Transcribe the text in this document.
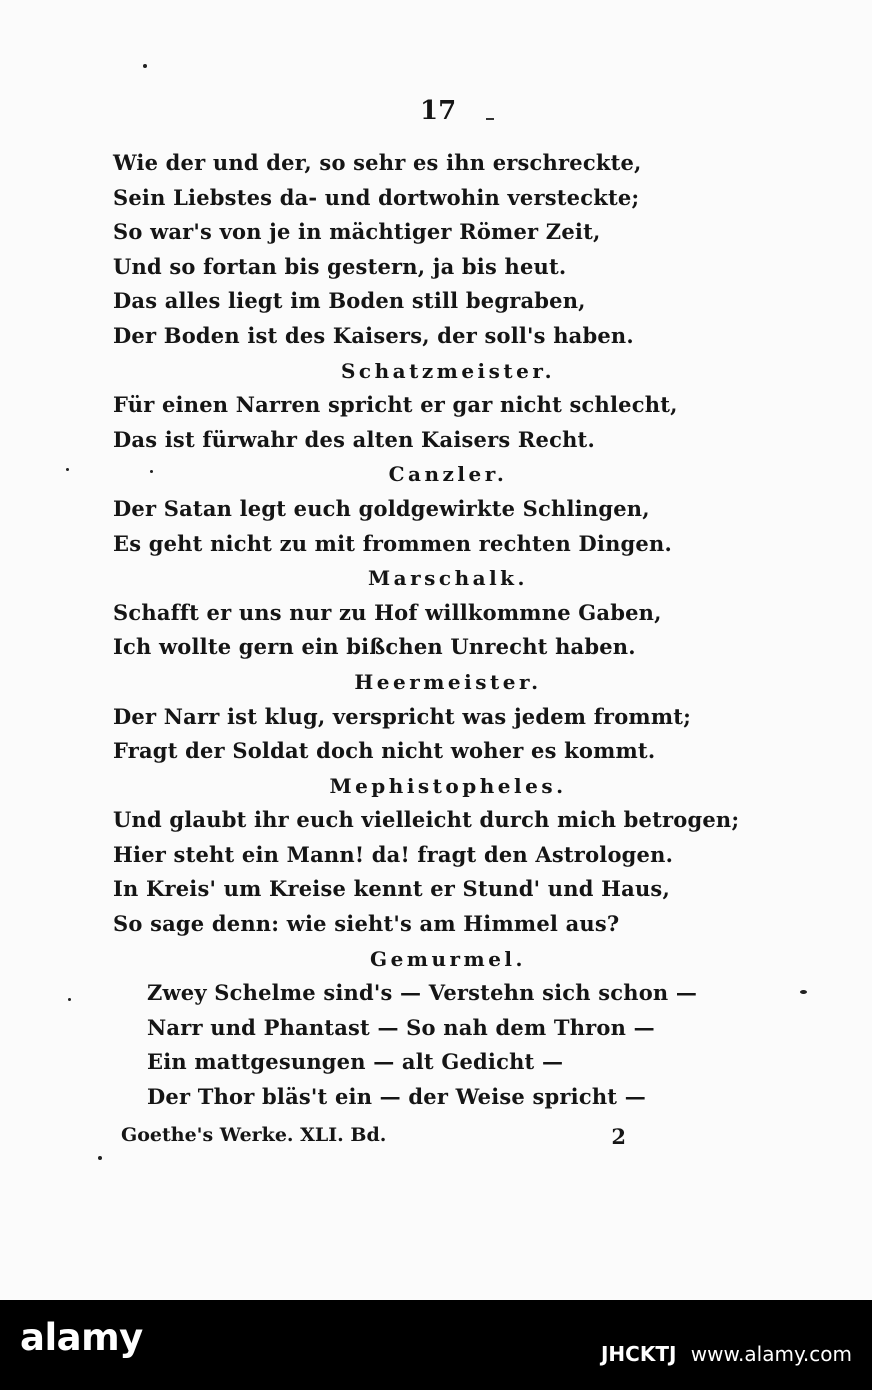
17
Wie der und der, so sehr es ihn erschreckte,
Sein Liebstes da- und dortwohin versteckte;
So war's von je in mächtiger Römer Zeit,
Und so fortan bis gestern, ja bis heut.
Das alles liegt im Boden still begraben,
Der Boden ist des Kaisers, der soll's haben.
Schatzmeister.
Für einen Narren spricht er gar nicht schlecht,
Das ist fürwahr des alten Kaisers Recht.
Canzler.
Der Satan legt euch goldgewirkte Schlingen,
Es geht nicht zu mit frommen rechten Dingen.
Marschalk.
Schafft er uns nur zu Hof willkommne Gaben,
Ich wollte gern ein bißchen Unrecht haben.
Heermeister.
Der Narr ist klug, verspricht was jedem frommt;
Fragt der Soldat doch nicht woher es kommt.
Mephistopheles.
Und glaubt ihr euch vielleicht durch mich betrogen;
Hier steht ein Mann! da! fragt den Astrologen.
In Kreis' um Kreise kennt er Stund' und Haus,
So sage denn: wie sieht's am Himmel aus?
Gemurmel.
Zwey Schelme sind's — Verstehn sich schon —
Narr und Phantast — So nah dem Thron —
Ein mattgesungen — alt Gedicht —
Der Thor bläs't ein — der Weise spricht —
Goethe's Werke. XLI. Bd.	2
alamy	JHCKTJ www.alamy.com
